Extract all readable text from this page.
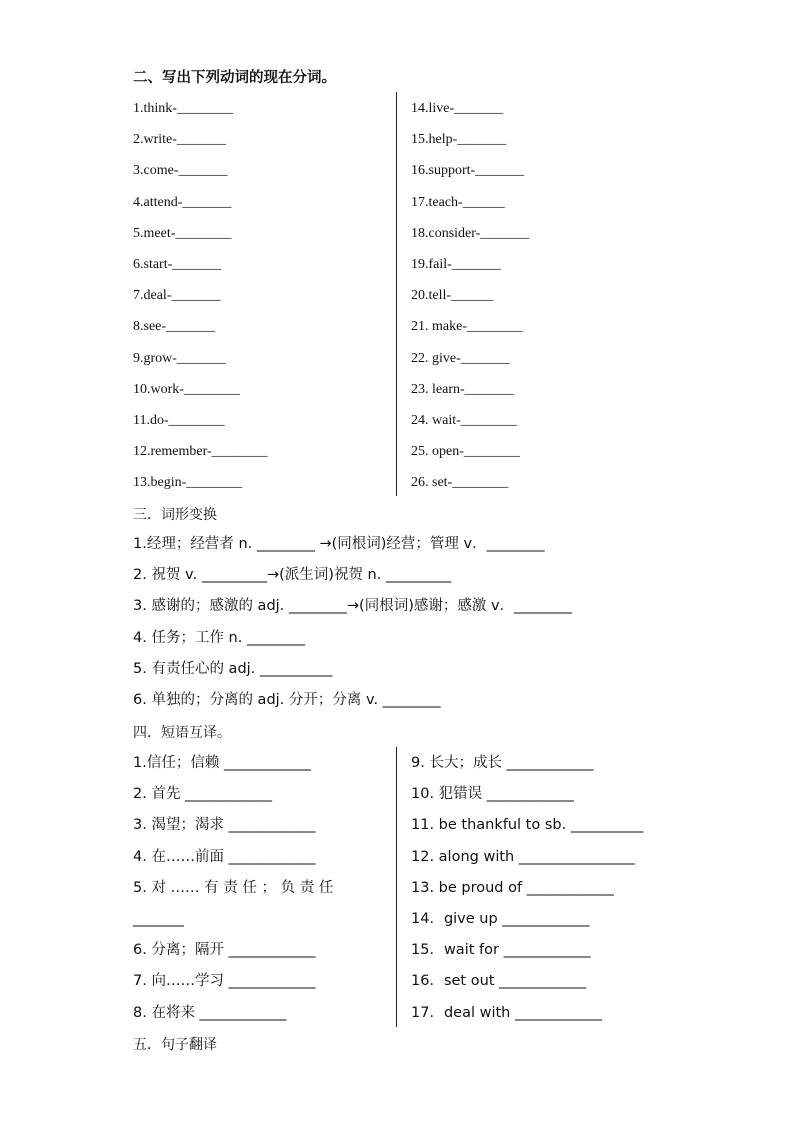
二、写出下列动词的现在分词。
1.think-________
2.write-_______
3.come-_______
4.attend-_______
5.meet-________
6.start-_______
7.deal-_______
8.see-_______
9.grow-_______
10.work-________
11.do-________
12.remember-________
13.begin-________
14.live-_______
15.help-_______
16.support-_______
17.teach-______
18.consider-_______
19.fail-_______
20.tell-______
21. make-________
22. give-_______
23. learn-_______
24. wait-________
25. open-________
26. set-________
三．词形变换
1.经理；经营者 n. ________ →(同根词)经营；管理 v．________
2. 祝贺 v. _________→(派生词)祝贺 n. _________
3. 感谢的；感激的 adj. ________→(同根词)感谢；感激 v．________
4. 任务；工作 n. ________
5. 有责任心的 adj. __________
6. 单独的；分离的 adj. 分开；分离 v. ________
四．短语互译。
1.信任；信赖 ____________
2. 首先 ____________
3. 渴望；渴求 ____________
4. 在……前面 ____________
5. 对 …… 有 责 任 ； 负 责 任
_______
6. 分离；隔开 ____________
7. 向……学习 ____________
8. 在将来 ____________
9. 长大；成长 ____________
10. 犯错误 ____________
11. be thankful to sb. __________
12. along with ________________
13. be proud of ____________
14．give up ____________
15．wait for ____________
16．set out ____________
17．deal with ____________
五．句子翻译
